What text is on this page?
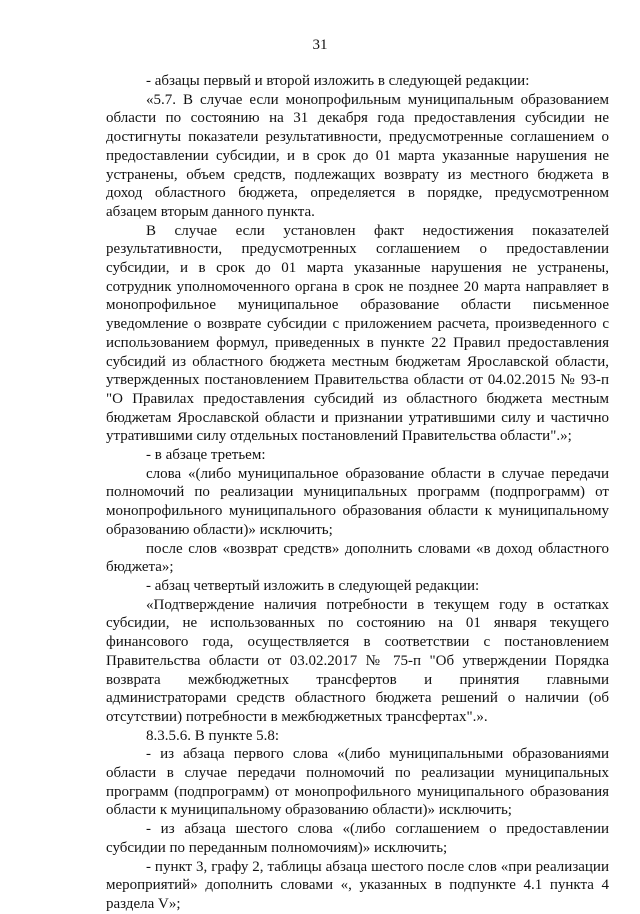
31

- абзацы первый и второй изложить в следующей редакции:

«5.7. В случае если монопрофильным муниципальным образованием области по состоянию на 31 декабря года предоставления субсидии не достигнуты показатели результативности, предусмотренные соглашением о предоставлении субсидии, и в срок до 01 марта указанные нарушения не устранены, объем средств, подлежащих возврату из местного бюджета в доход областного бюджета, определяется в порядке, предусмотренном абзацем вторым данного пункта.

В случае если установлен факт недостижения показателей результативности, предусмотренных соглашением о предоставлении субсидии, и в срок до 01 марта указанные нарушения не устранены, сотрудник уполномоченного органа в срок не позднее 20 марта направляет в монопрофильное муниципальное образование области письменное уведомление о возврате субсидии с приложением расчета, произведенного с использованием формул, приведенных в пункте 22 Правил предоставления субсидий из областного бюджета местным бюджетам Ярославской области, утвержденных постановлением Правительства области от 04.02.2015 № 93-п "О Правилах предоставления субсидий из областного бюджета местным бюджетам Ярославской области и признании утратившими силу и частично утратившими силу отдельных постановлений Правительства области".»;

- в абзаце третьем:

слова «(либо муниципальное образование области в случае передачи полномочий по реализации муниципальных программ (подпрограмм) от монопрофильного муниципального образования области к муниципальному образованию области)» исключить;

после слов «возврат средств» дополнить словами «в доход областного бюджета»;

- абзац четвертый изложить в следующей редакции:

«Подтверждение наличия потребности в текущем году в остатках субсидии, не использованных по состоянию на 01 января текущего финансового года, осуществляется в соответствии с постановлением Правительства области от 03.02.2017 № 75-п "Об утверждении Порядка возврата межбюджетных трансфертов и принятия главными администраторами средств областного бюджета решений о наличии (об отсутствии) потребности в межбюджетных трансфертах".».

8.3.5.6. В пункте 5.8:

- из абзаца первого слова «(либо муниципальными образованиями области в случае передачи полномочий по реализации муниципальных программ (подпрограмм) от монопрофильного муниципального образования области к муниципальному образованию области)» исключить;

- из абзаца шестого слова «(либо соглашением о предоставлении субсидии по переданным полномочиям)» исключить;

- пункт 3, графу 2, таблицы абзаца шестого после слов «при реализации мероприятий» дополнить словами «, указанных в подпункте 4.1 пункта 4 раздела V»;
